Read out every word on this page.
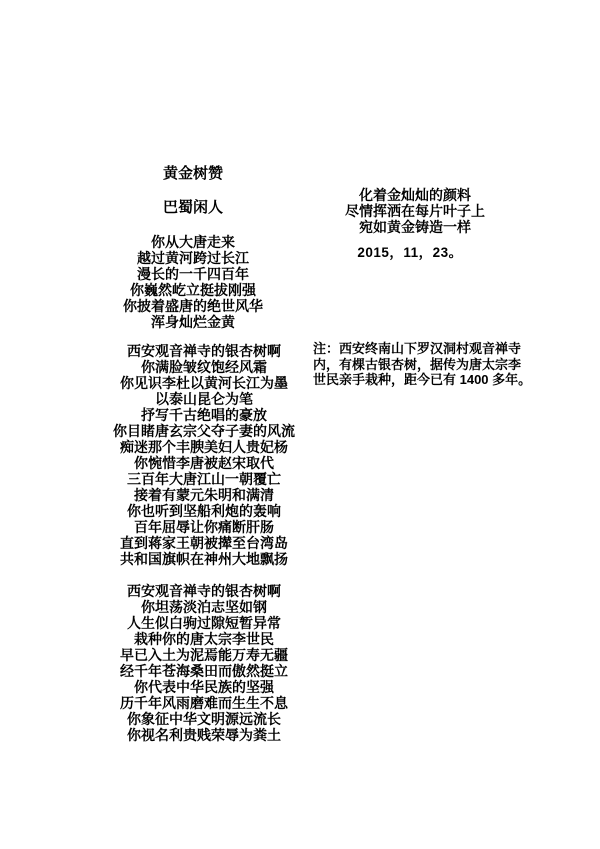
黄金树赞
巴蜀闲人
你从大唐走来
越过黄河跨过长江
漫长的一千四百年
你巍然屹立挺拔刚强
你披着盛唐的绝世风华
浑身灿烂金黄
西安观音禅寺的银杏树啊
你满脸皱纹饱经风霜
你见识李杜以黄河长江为墨
以泰山昆仑为笔
抒写千古绝唱的豪放
你目睹唐玄宗父夺子妻的风流
痴迷那个丰腴美妇人贵妃杨
你惋惜李唐被赵宋取代
三百年大唐江山一朝覆亡
接着有蒙元朱明和满清
你也听到坚船利炮的轰响
百年屈辱让你痛断肝肠
直到蒋家王朝被撵至台湾岛
共和国旗帜在神州大地飘扬
西安观音禅寺的银杏树啊
你坦荡淡泊志坚如钢
人生似白驹过隙短暂异常
栽种你的唐太宗李世民
早已入土为泥焉能万寿无疆
经千年苍海桑田而傲然挺立
你代表中华民族的坚强
历千年风雨磨难而生生不息
你象征中华文明源远流长
你视名利贵贱荣辱为粪土
化着金灿灿的颜料
尽情挥洒在每片叶子上
宛如黄金铸造一样
2015，11，23。
注：西安终南山下罗汉洞村观音禅寺
内，有棵古银杏树，据传为唐太宗李
世民亲手栽种，距今已有 1400 多年。
